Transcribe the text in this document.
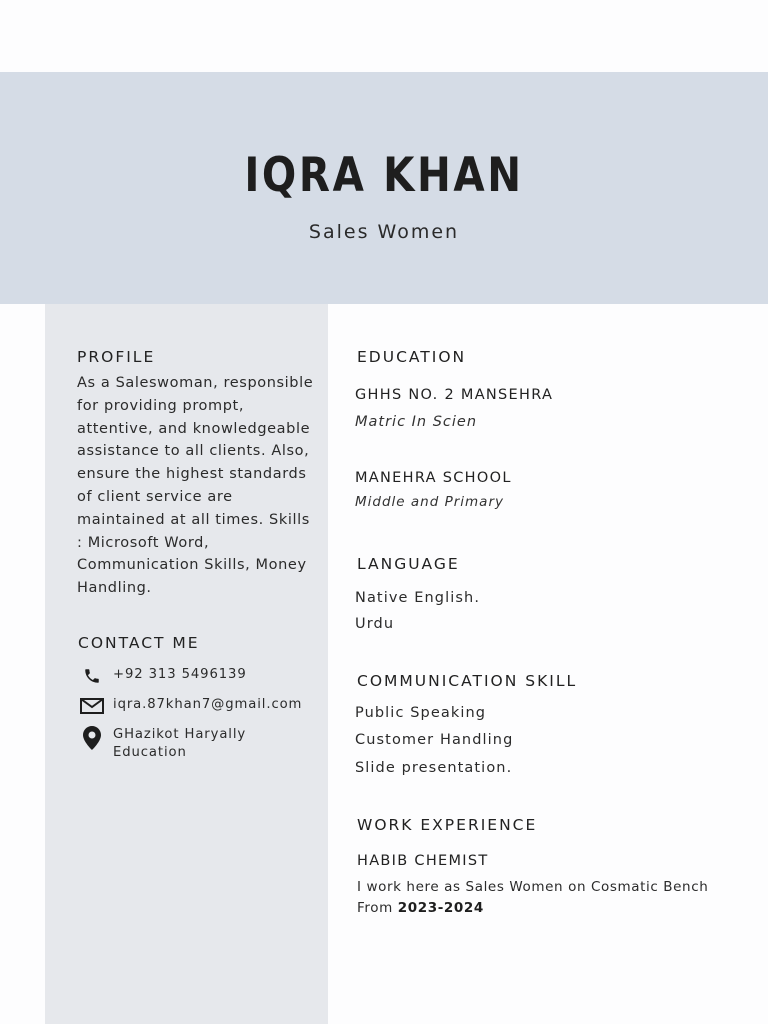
IQRA KHAN
Sales Women
PROFILE
As a Saleswoman, responsible for providing prompt, attentive, and knowledgeable assistance to all clients. Also, ensure the highest standards of client service are maintained at all times. Skills : Microsoft Word, Communication Skills, Money Handling.
CONTACT ME
+92 313 5496139
iqra.87khan7@gmail.com
GHazikot Haryally
Education
EDUCATION
GHHS NO. 2 MANSEHRA
Matric In Scien
MANEHRA SCHOOL
Middle and Primary
LANGUAGE
Native English.
Urdu
COMMUNICATION SKILL
Public Speaking
Customer Handling
Slide presentation.
WORK EXPERIENCE
HABIB CHEMIST
I work here as Sales Women on Cosmatic Bench From 2023-2024
